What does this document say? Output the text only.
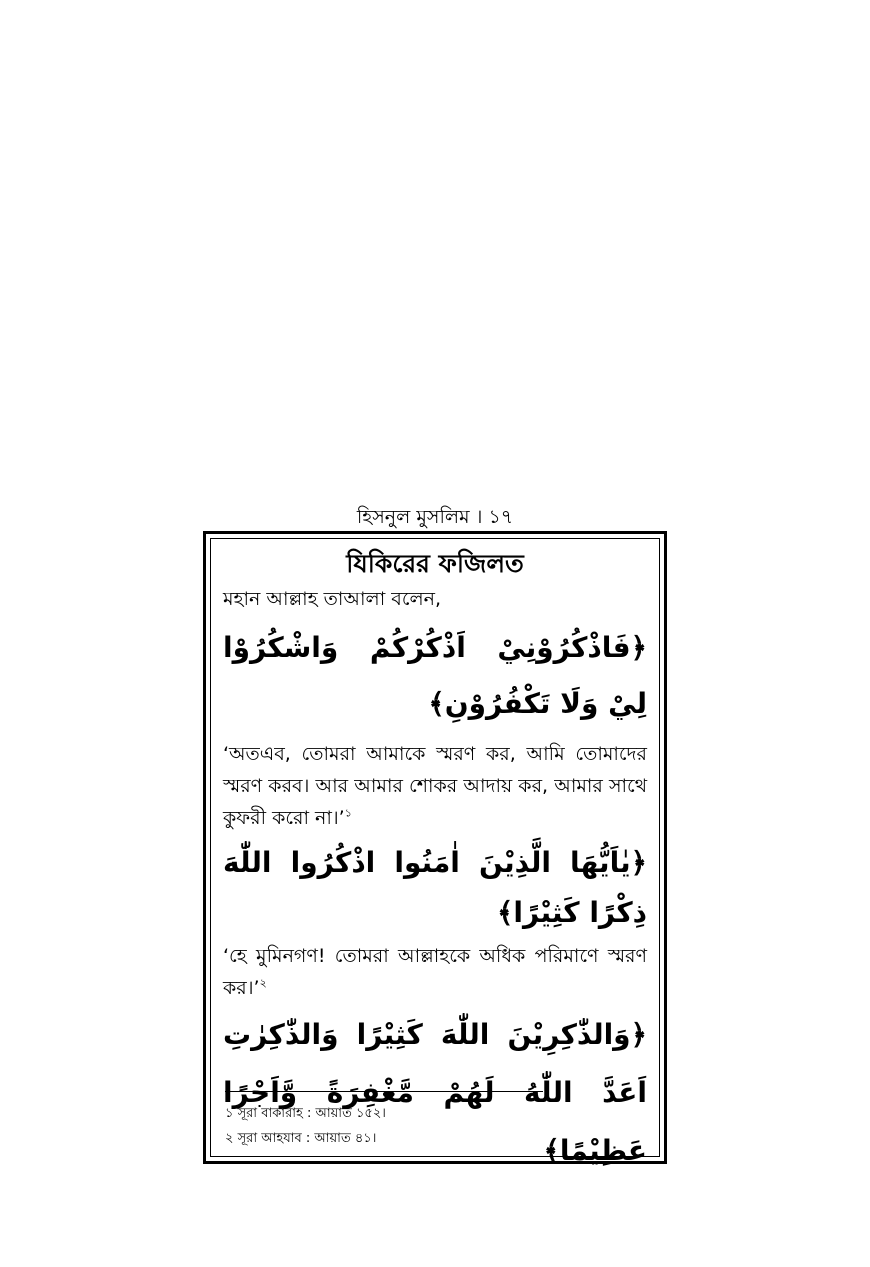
হিসনুল মুসলিম । ১৭
যিকিরের ফজিলত
মহান আল্লাহ তাআলা বলেন,
﴿فَاذْكُرُوْنِيْ اَذْكُرْكُمْ وَاشْكُرُوْا لِيْ وَلَا تَكْفُرُوْنِ﴾
‘অতএব, তোমরা আমাকে স্মরণ কর, আমি তোমাদের স্মরণ করব। আর আমার শোকর আদায় কর, আমার সাথে কুফরী করো না।’$^১$
﴿يٰاَيُّهَا الَّذِيْنَ اٰمَنُوا اذْكُرُوا اللّٰهَ ذِكْرًا كَثِيْرًا﴾
‘হে মুমিনগণ! তোমরা আল্লাহকে অধিক পরিমাণে স্মরণ কর।’$^২$
﴿وَالذّٰكِرِيْنَ اللّٰهَ كَثِيْرًا وَالذّٰكِرٰتِ اَعَدَّ اللّٰهُ لَهُمْ مَّغْفِرَةً وَّاَجْرًا عَظِيْمًا﴾
১ সূরা বাকারাহ : আয়াত ১৫২।
২ সূরা আহযাব : আয়াত ৪১।
